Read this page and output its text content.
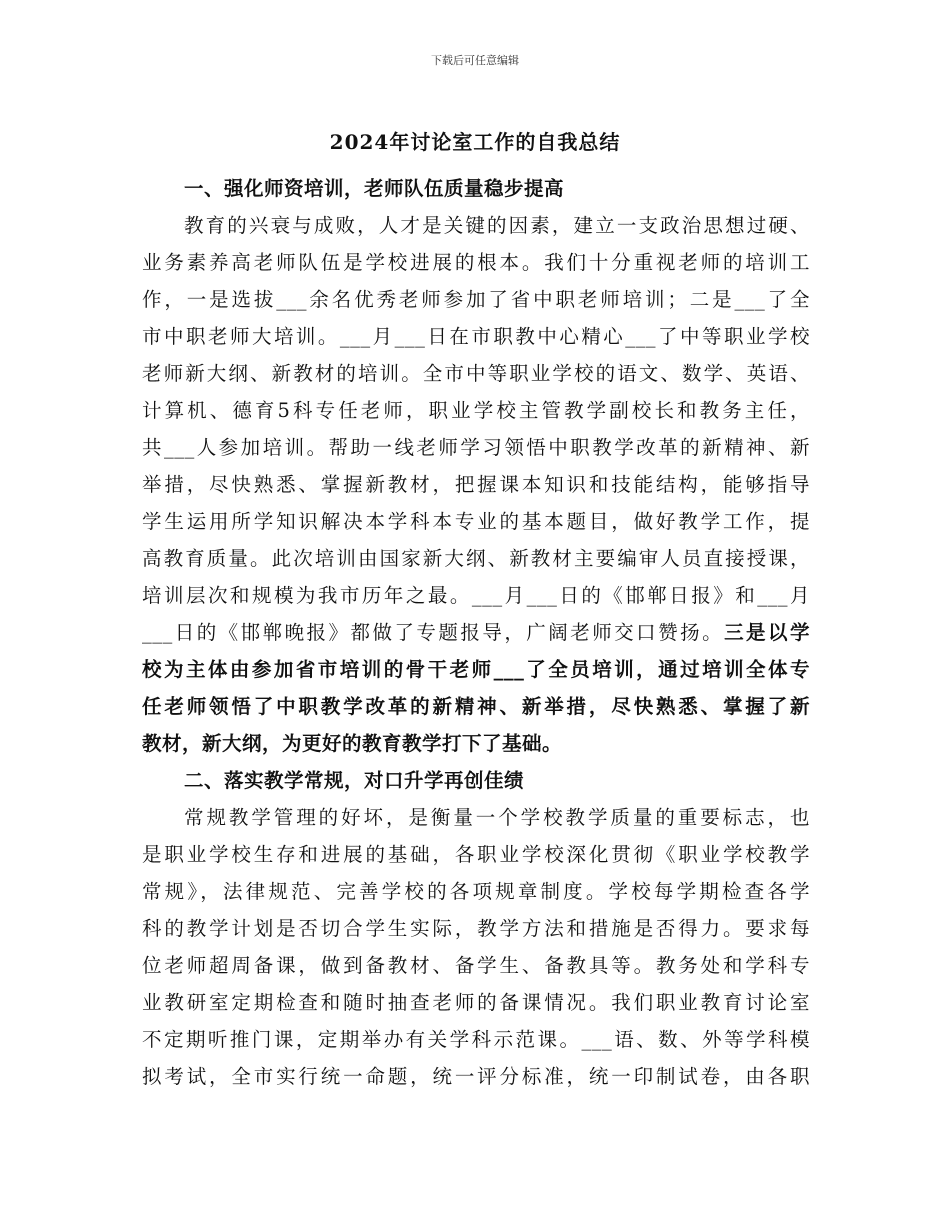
下载后可任意编辑
2024年讨论室工作的自我总结
一、强化师资培训，老师队伍质量稳步提高
教育的兴衰与成败，人才是关键的因素，建立一支政治思想过硬、
业务素养高老师队伍是学校进展的根本。我们十分重视老师的培训工
作，一是选拔___余名优秀老师参加了省中职老师培训；二是___了全
市中职老师大培训。___月___日在市职教中心精心___了中等职业学校
老师新大纲、新教材的培训。全市中等职业学校的语文、数学、英语、
计算机、德育5科专任老师，职业学校主管教学副校长和教务主任，
共___人参加培训。帮助一线老师学习领悟中职教学改革的新精神、新
举措，尽快熟悉、掌握新教材，把握课本知识和技能结构，能够指导
学生运用所学知识解决本学科本专业的基本题目，做好教学工作，提
高教育质量。此次培训由国家新大纲、新教材主要编审人员直接授课，
培训层次和规模为我市历年之最。___月___日的《邯郸日报》和___月
___日的《邯郸晚报》都做了专题报导，广阔老师交口赞扬。三是以学
校为主体由参加省市培训的骨干老师___了全员培训，通过培训全体专
任老师领悟了中职教学改革的新精神、新举措，尽快熟悉、掌握了新
教材，新大纲，为更好的教育教学打下了基础。
二、落实教学常规，对口升学再创佳绩
常规教学管理的好坏，是衡量一个学校教学质量的重要标志，也
是职业学校生存和进展的基础，各职业学校深化贯彻《职业学校教学
常规》，法律规范、完善学校的各项规章制度。学校每学期检查各学
科的教学计划是否切合学生实际，教学方法和措施是否得力。要求每
位老师超周备课，做到备教材、备学生、备教具等。教务处和学科专
业教研室定期检查和随时抽查老师的备课情况。我们职业教育讨论室
不定期听推门课，定期举办有关学科示范课。___语、数、外等学科模
拟考试，全市实行统一命题，统一评分标准，统一印制试卷，由各职
